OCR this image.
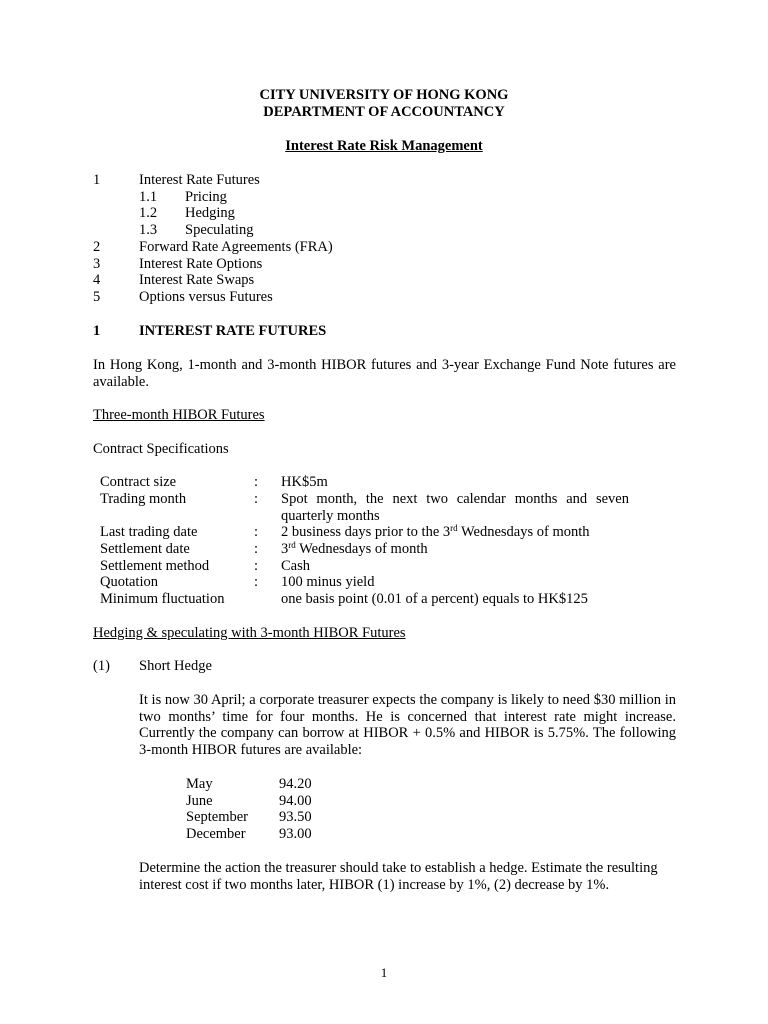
CITY UNIVERSITY OF HONG KONG
DEPARTMENT OF ACCOUNTANCY
Interest Rate Risk Management
1	Interest Rate Futures
1.1 Pricing
1.2 Hedging
1.3 Speculating
2	Forward Rate Agreements (FRA)
3	Interest Rate Options
4	Interest Rate Swaps
5	Options versus Futures
1	INTEREST RATE FUTURES
In Hong Kong, 1-month and 3-month HIBOR futures and 3-year Exchange Fund Note futures are available.
Three-month HIBOR Futures
Contract Specifications
Contract size	: HK$5m
Trading month	: Spot month, the next two calendar months and seven quarterly months
Last trading date	: 2 business days prior to the 3rd Wednesdays of month
Settlement date	: 3rd Wednesdays of month
Settlement method	: Cash
Quotation	: 100 minus yield
Minimum fluctuation	one basis point (0.01 of a percent) equals to HK$125
Hedging & speculating with 3-month HIBOR Futures
(1) Short Hedge
It is now 30 April; a corporate treasurer expects the company is likely to need $30 million in two months’ time for four months. He is concerned that interest rate might increase. Currently the company can borrow at HIBOR + 0.5% and HIBOR is 5.75%. The following 3-month HIBOR futures are available:
May	94.20
June	94.00
September 93.50
December 93.00
Determine the action the treasurer should take to establish a hedge. Estimate the resulting interest cost if two months later, HIBOR (1) increase by 1%, (2) decrease by 1%.
1
